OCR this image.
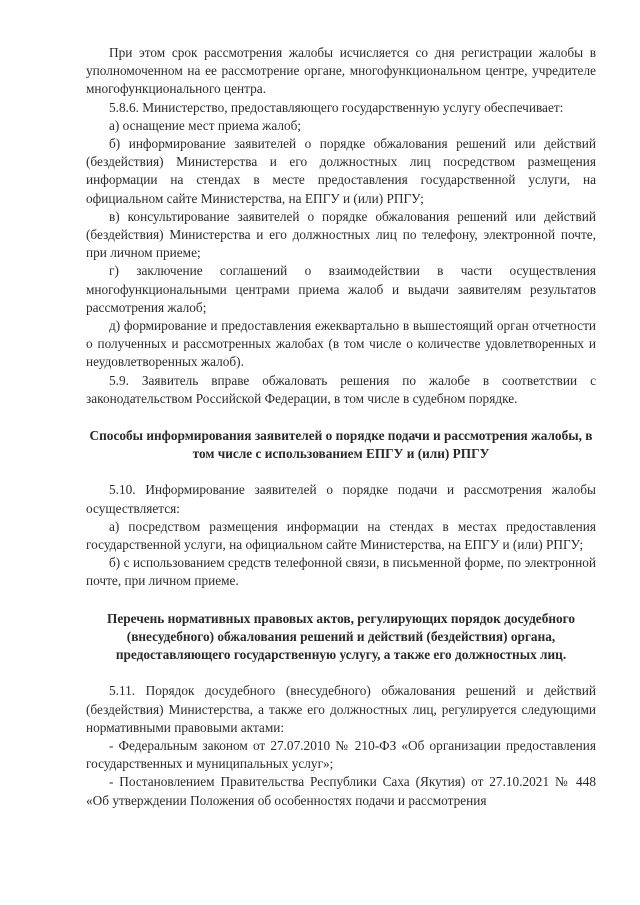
При этом срок рассмотрения жалобы исчисляется со дня регистрации жалобы в уполномоченном на ее рассмотрение органе, многофункциональном центре, учредителе многофункционального центра.

5.8.6. Министерство, предоставляющего государственную услугу обеспечивает:

а) оснащение мест приема жалоб;

б) информирование заявителей о порядке обжалования решений или действий (бездействия) Министерства и его должностных лиц посредством размещения информации на стендах в месте предоставления государственной услуги, на официальном сайте Министерства, на ЕПГУ и (или) РПГУ;

в) консультирование заявителей о порядке обжалования решений или действий (бездействия) Министерства и его должностных лиц по телефону, электронной почте, при личном приеме;

г) заключение соглашений о взаимодействии в части осуществления многофункциональными центрами приема жалоб и выдачи заявителям результатов рассмотрения жалоб;

д) формирование и предоставления ежеквартально в вышестоящий орган отчетности о полученных и рассмотренных жалобах (в том числе о количестве удовлетворенных и неудовлетворенных жалоб).

5.9. Заявитель вправе обжаловать решения по жалобе в соответствии с законодательством Российской Федерации, в том числе в судебном порядке.

Способы информирования заявителей о порядке подачи и рассмотрения жалобы, в том числе с использованием ЕПГУ и (или) РПГУ

5.10. Информирование заявителей о порядке подачи и рассмотрения жалобы осуществляется:

а) посредством размещения информации на стендах в местах предоставления государственной услуги, на официальном сайте Министерства, на ЕПГУ и (или) РПГУ;

б) с использованием средств телефонной связи, в письменной форме, по электронной почте, при личном приеме.

Перечень нормативных правовых актов, регулирующих порядок досудебного (внесудебного) обжалования решений и действий (бездействия) органа, предоставляющего государственную услугу, а также его должностных лиц.

5.11. Порядок досудебного (внесудебного) обжалования решений и действий (бездействия) Министерства, а также его должностных лиц, регулируется следующими нормативными правовыми актами:

- Федеральным законом от 27.07.2010 № 210-ФЗ «Об организации предоставления государственных и муниципальных услуг»;

- Постановлением Правительства Республики Саха (Якутия) от 27.10.2021 № 448 «Об утверждении Положения об особенностях подачи и рассмотрения
